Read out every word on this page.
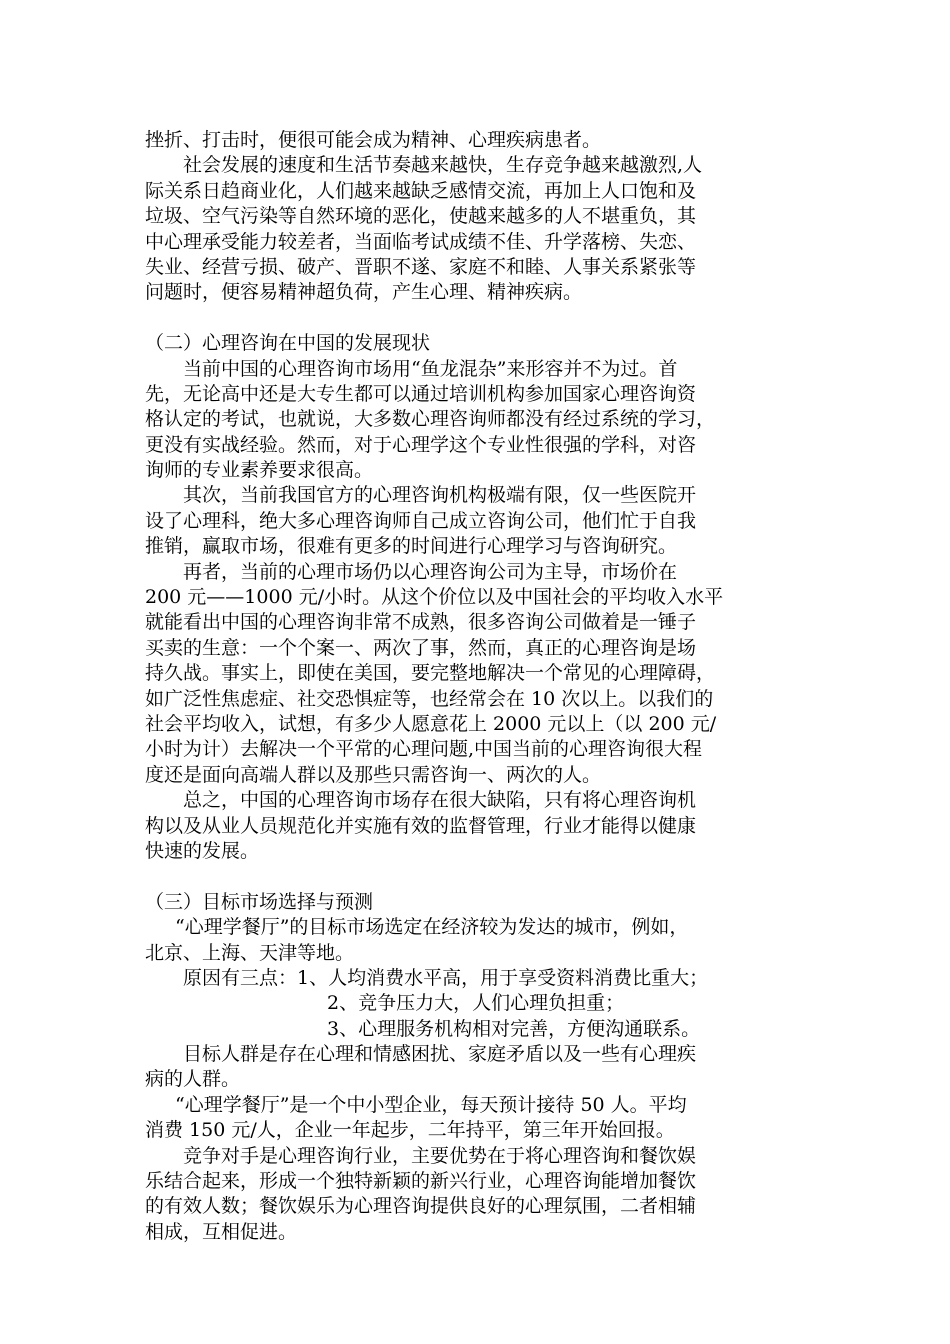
挫折、打击时，便很可能会成为精神、心理疾病患者。
社会发展的速度和生活节奏越来越快，生存竞争越来越激烈,人
际关系日趋商业化，人们越来越缺乏感情交流，再加上人口饱和及
垃圾、空气污染等自然环境的恶化，使越来越多的人不堪重负，其
中心理承受能力较差者，当面临考试成绩不佳、升学落榜、失恋、
失业、经营亏损、破产、晋职不遂、家庭不和睦、人事关系紧张等
问题时，便容易精神超负荷，产生心理、精神疾病。
（二）心理咨询在中国的发展现状
当前中国的心理咨询市场用“鱼龙混杂”来形容并不为过。首
先，无论高中还是大专生都可以通过培训机构参加国家心理咨询资
格认定的考试，也就说，大多数心理咨询师都没有经过系统的学习，
更没有实战经验。然而，对于心理学这个专业性很强的学科，对咨
询师的专业素养要求很高。
其次，当前我国官方的心理咨询机构极端有限，仅一些医院开
设了心理科，绝大多心理咨询师自己成立咨询公司，他们忙于自我
推销，赢取市场，很难有更多的时间进行心理学习与咨询研究。
再者，当前的心理市场仍以心理咨询公司为主导，市场价在
200 元——1000 元/小时。从这个价位以及中国社会的平均收入水平
就能看出中国的心理咨询非常不成熟，很多咨询公司做着是一锤子
买卖的生意：一个个案一、两次了事，然而，真正的心理咨询是场
持久战。事实上，即使在美国，要完整地解决一个常见的心理障碍，
如广泛性焦虑症、社交恐惧症等，也经常会在 10 次以上。以我们的
社会平均收入，试想，有多少人愿意花上 2000 元以上（以 200 元/
小时为计）去解决一个平常的心理问题,中国当前的心理咨询很大程
度还是面向高端人群以及那些只需咨询一、两次的人。
总之，中国的心理咨询市场存在很大缺陷，只有将心理咨询机
构以及从业人员规范化并实施有效的监督管理，行业才能得以健康
快速的发展。
（三）目标市场选择与预测
“心理学餐厅”的目标市场选定在经济较为发达的城市，例如，
北京、上海、天津等地。
原因有三点：1、人均消费水平高，用于享受资料消费比重大；
2、竞争压力大，人们心理负担重；
3、心理服务机构相对完善，方便沟通联系。
目标人群是存在心理和情感困扰、家庭矛盾以及一些有心理疾
病的人群。
“心理学餐厅”是一个中小型企业，每天预计接待 50 人。平均
消费 150 元/人，企业一年起步，二年持平，第三年开始回报。
竞争对手是心理咨询行业，主要优势在于将心理咨询和餐饮娱
乐结合起来，形成一个独特新颖的新兴行业，心理咨询能增加餐饮
的有效人数；餐饮娱乐为心理咨询提供良好的心理氛围，二者相辅
相成，互相促进。
